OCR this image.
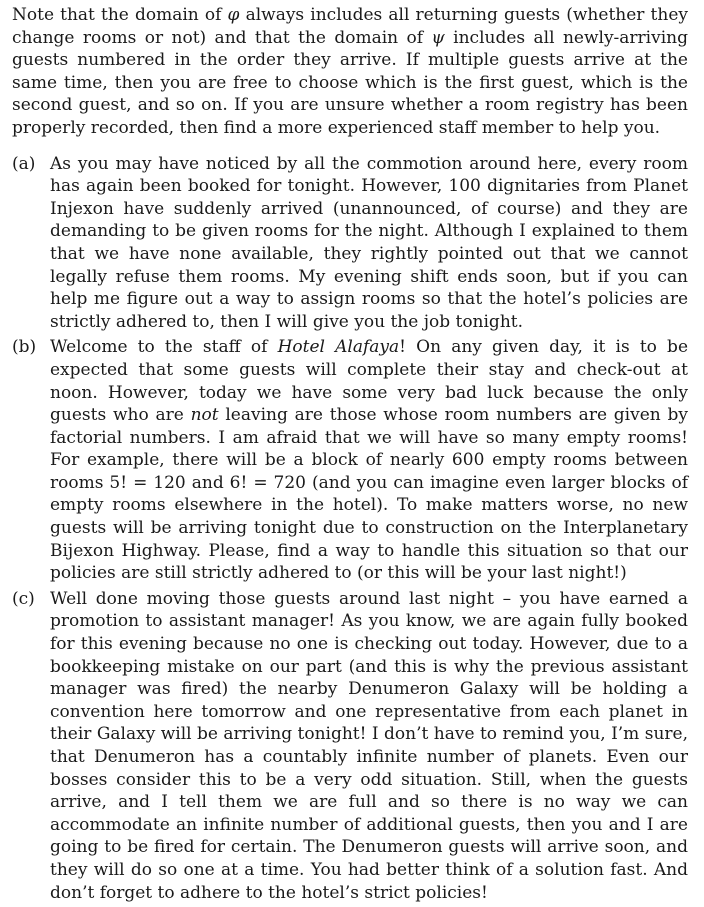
Note that the domain of φ always includes all returning guests (whether they change rooms or not) and that the domain of ψ includes all newly-arriving guests numbered in the order they arrive. If multiple guests arrive at the same time, then you are free to choose which is the first guest, which is the second guest, and so on. If you are unsure whether a room registry has been properly recorded, then find a more experienced staff member to help you.

(a) As you may have noticed by all the commotion around here, every room has again been booked for tonight. However, 100 dignitaries from Planet Injexon have suddenly arrived (unannounced, of course) and they are demanding to be given rooms for the night. Although I explained to them that we have none available, they rightly pointed out that we cannot legally refuse them rooms. My evening shift ends soon, but if you can help me figure out a way to assign rooms so that the hotel’s policies are strictly adhered to, then I will give you the job tonight.
(b) Welcome to the staff of Hotel Alafaya! On any given day, it is to be expected that some guests will complete their stay and check-out at noon. However, today we have some very bad luck because the only guests who are not leaving are those whose room numbers are given by factorial numbers. I am afraid that we will have so many empty rooms! For example, there will be a block of nearly 600 empty rooms between rooms 5! = 120 and 6! = 720 (and you can imagine even larger blocks of empty rooms elsewhere in the hotel). To make matters worse, no new guests will be arriving tonight due to construction on the Interplanetary Bijexon Highway. Please, find a way to handle this situation so that our policies are still strictly adhered to (or this will be your last night!)
(c) Well done moving those guests around last night – you have earned a promotion to assistant manager! As you know, we are again fully booked for this evening because no one is checking out today. However, due to a bookkeeping mistake on our part (and this is why the previous assistant manager was fired) the nearby Denumeron Galaxy will be holding a convention here tomorrow and one representative from each planet in their Galaxy will be arriving tonight! I don’t have to remind you, I’m sure, that Denumeron has a countably infinite number of planets. Even our bosses consider this to be a very odd situation. Still, when the guests arrive, and I tell them we are full and so there is no way we can accommodate an infinite number of additional guests, then you and I are going to be fired for certain. The Denumeron guests will arrive soon, and they will do so one at a time. You had better think of a solution fast. And don’t forget to adhere to the hotel’s strict policies!
